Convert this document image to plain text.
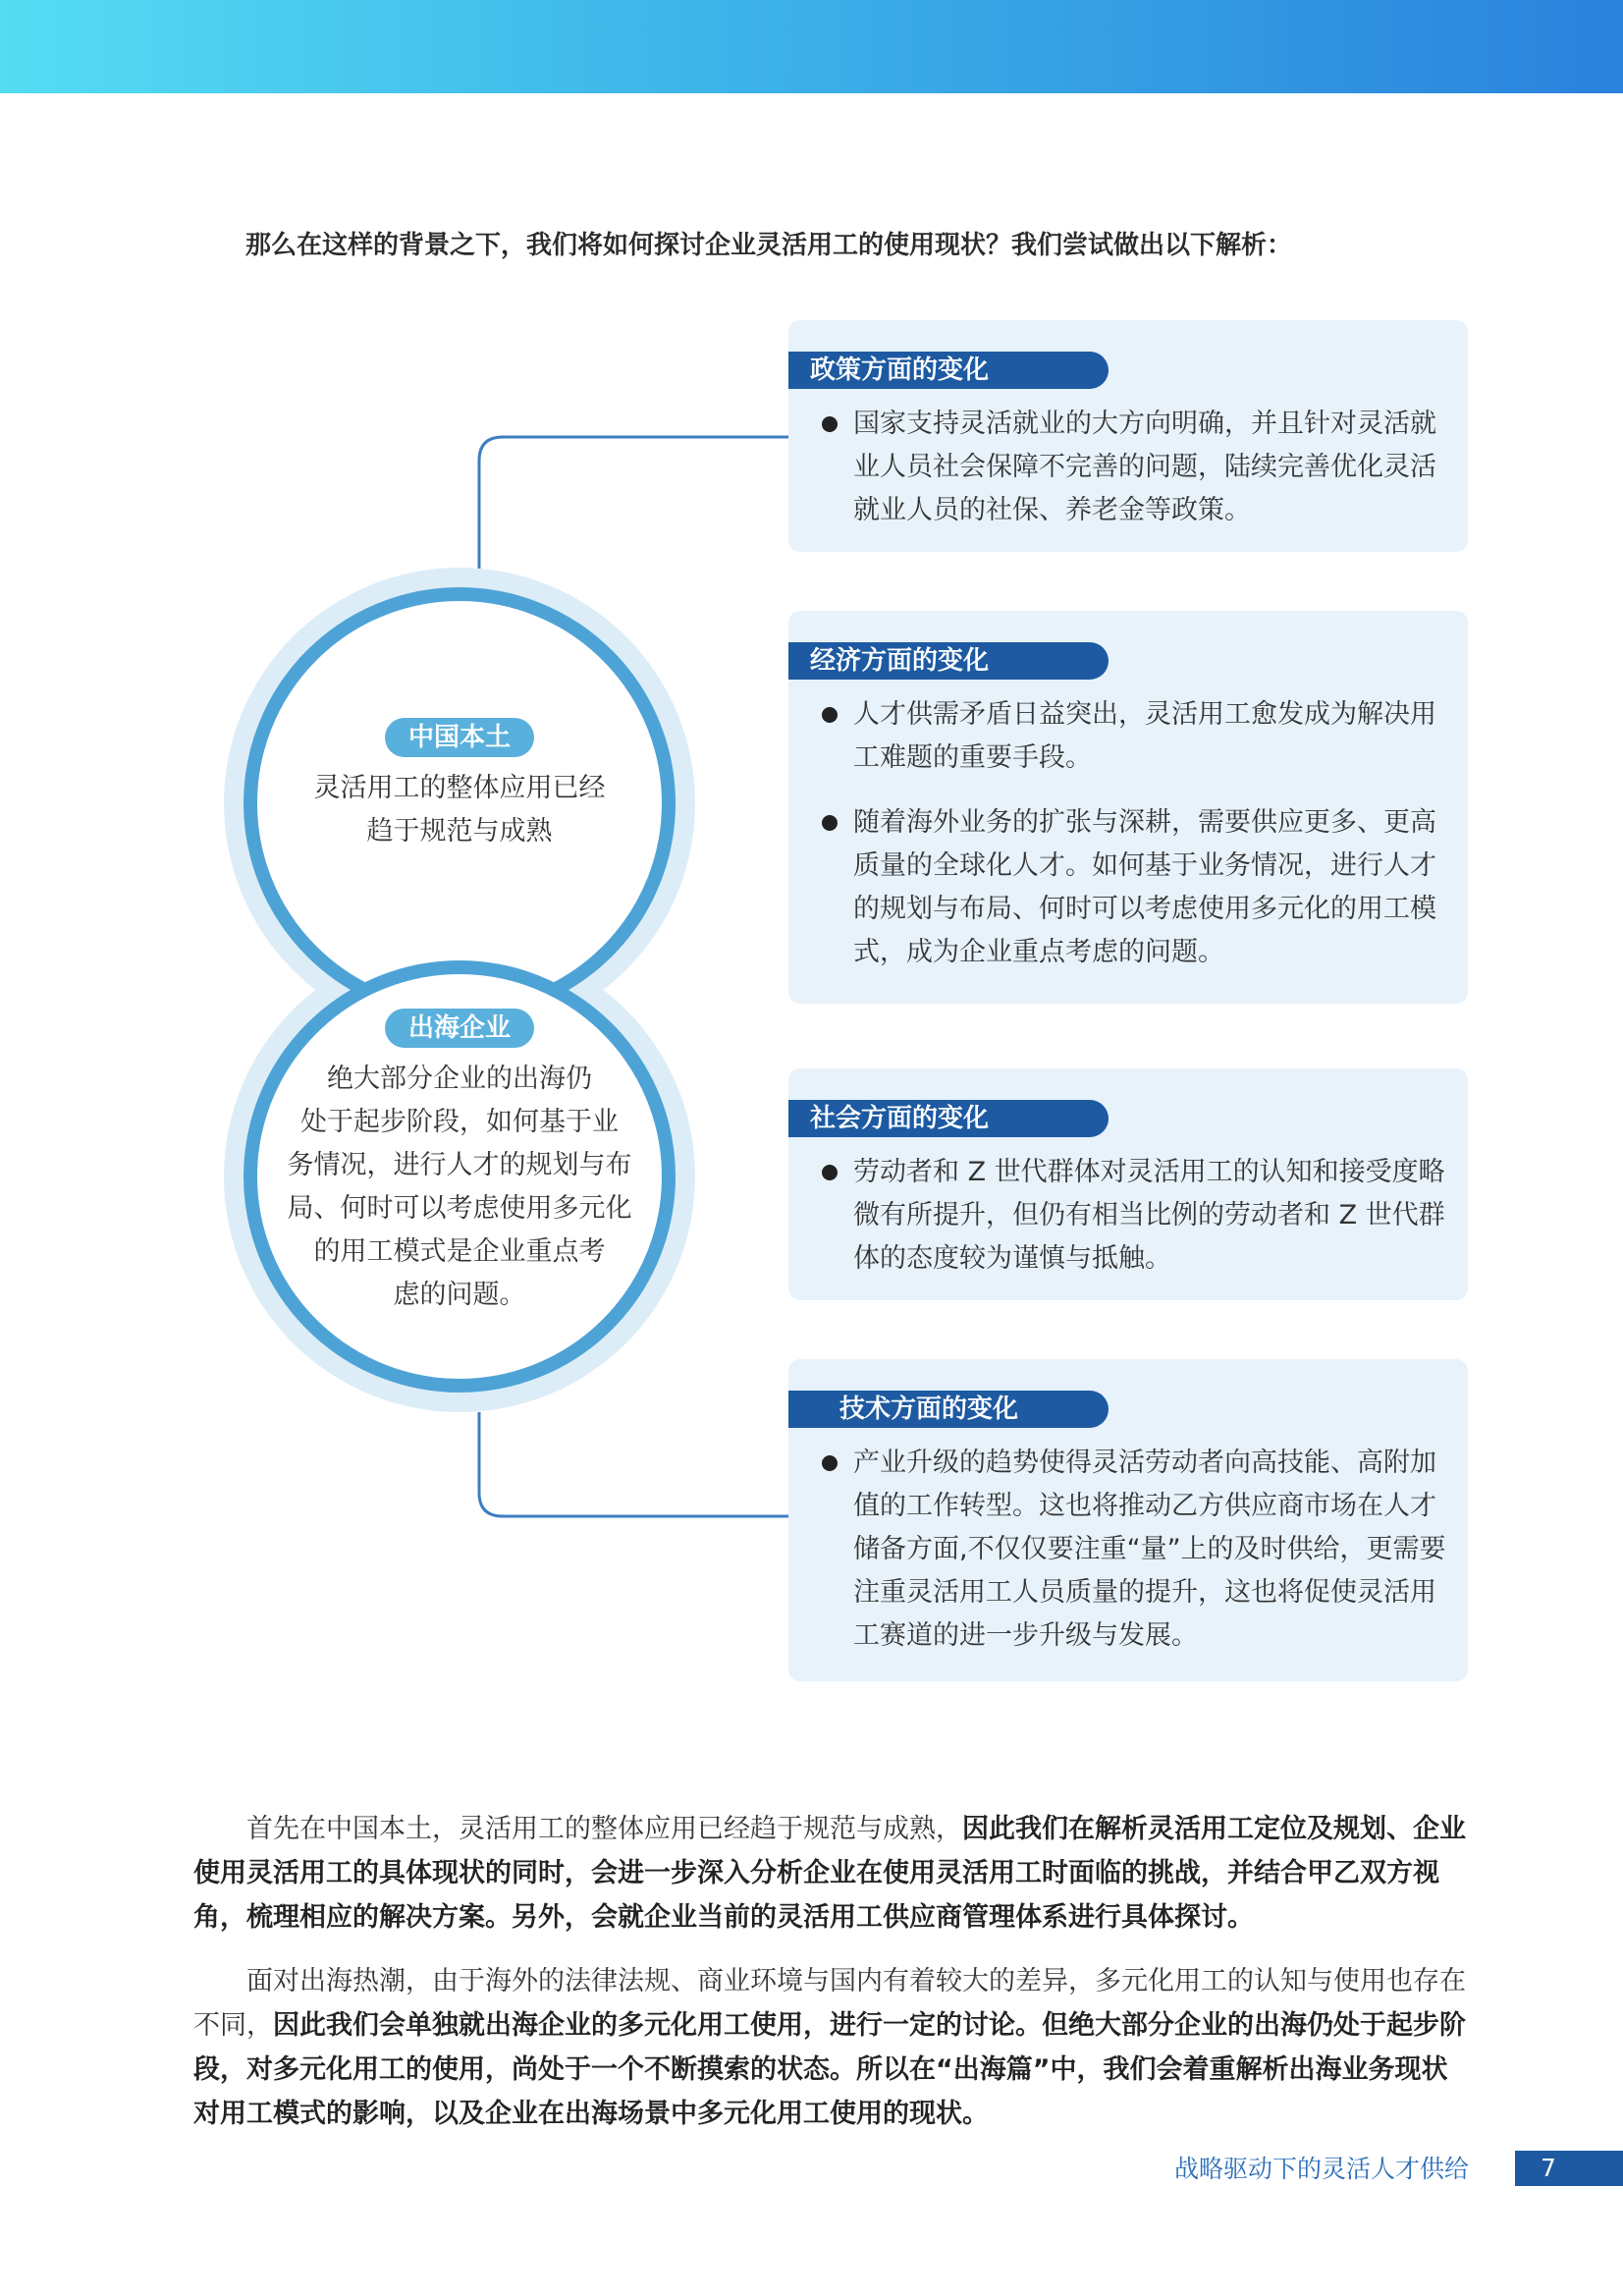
那么在这样的背景之下，我们将如何探讨企业灵活用工的使用现状？我们尝试做出以下解析：
中国本土
灵活用工的整体应用已经
趋于规范与成熟
出海企业
绝大部分企业的出海仍
处于起步阶段，如何基于业
务情况，进行人才的规划与布
局、何时可以考虑使用多元化
的用工模式是企业重点考
虑的问题。
政策方面的变化
国家支持灵活就业的大方向明确，并且针对灵活就业人员社会保障不完善的问题，陆续完善优化灵活就业人员的社保、养老金等政策。
经济方面的变化
人才供需矛盾日益突出，灵活用工愈发成为解决用工难题的重要手段。
随着海外业务的扩张与深耕，需要供应更多、更高质量的全球化人才。如何基于业务情况，进行人才的规划与布局、何时可以考虑使用多元化的用工模式，成为企业重点考虑的问题。
社会方面的变化
劳动者和 Z 世代群体对灵活用工的认知和接受度略微有所提升，但仍有相当比例的劳动者和 Z 世代群体的态度较为谨慎与抵触。
技术方面的变化
产业升级的趋势使得灵活劳动者向高技能、高附加值的工作转型。这也将推动乙方供应商市场在人才储备方面,不仅仅要注重“量”上的及时供给，更需要注重灵活用工人员质量的提升，这也将促使灵活用工赛道的进一步升级与发展。
首先在中国本土，灵活用工的整体应用已经趋于规范与成熟，因此我们在解析灵活用工定位及规划、企业使用灵活用工的具体现状的同时，会进一步深入分析企业在使用灵活用工时面临的挑战，并结合甲乙双方视角，梳理相应的解决方案。另外，会就企业当前的灵活用工供应商管理体系进行具体探讨。
面对出海热潮，由于海外的法律法规、商业环境与国内有着较大的差异，多元化用工的认知与使用也存在不同，因此我们会单独就出海企业的多元化用工使用，进行一定的讨论。但绝大部分企业的出海仍处于起步阶段，对多元化用工的使用，尚处于一个不断摸索的状态。所以在“出海篇”中，我们会着重解析出海业务现状对用工模式的影响，以及企业在出海场景中多元化用工使用的现状。
战略驱动下的灵活人才供给	7
